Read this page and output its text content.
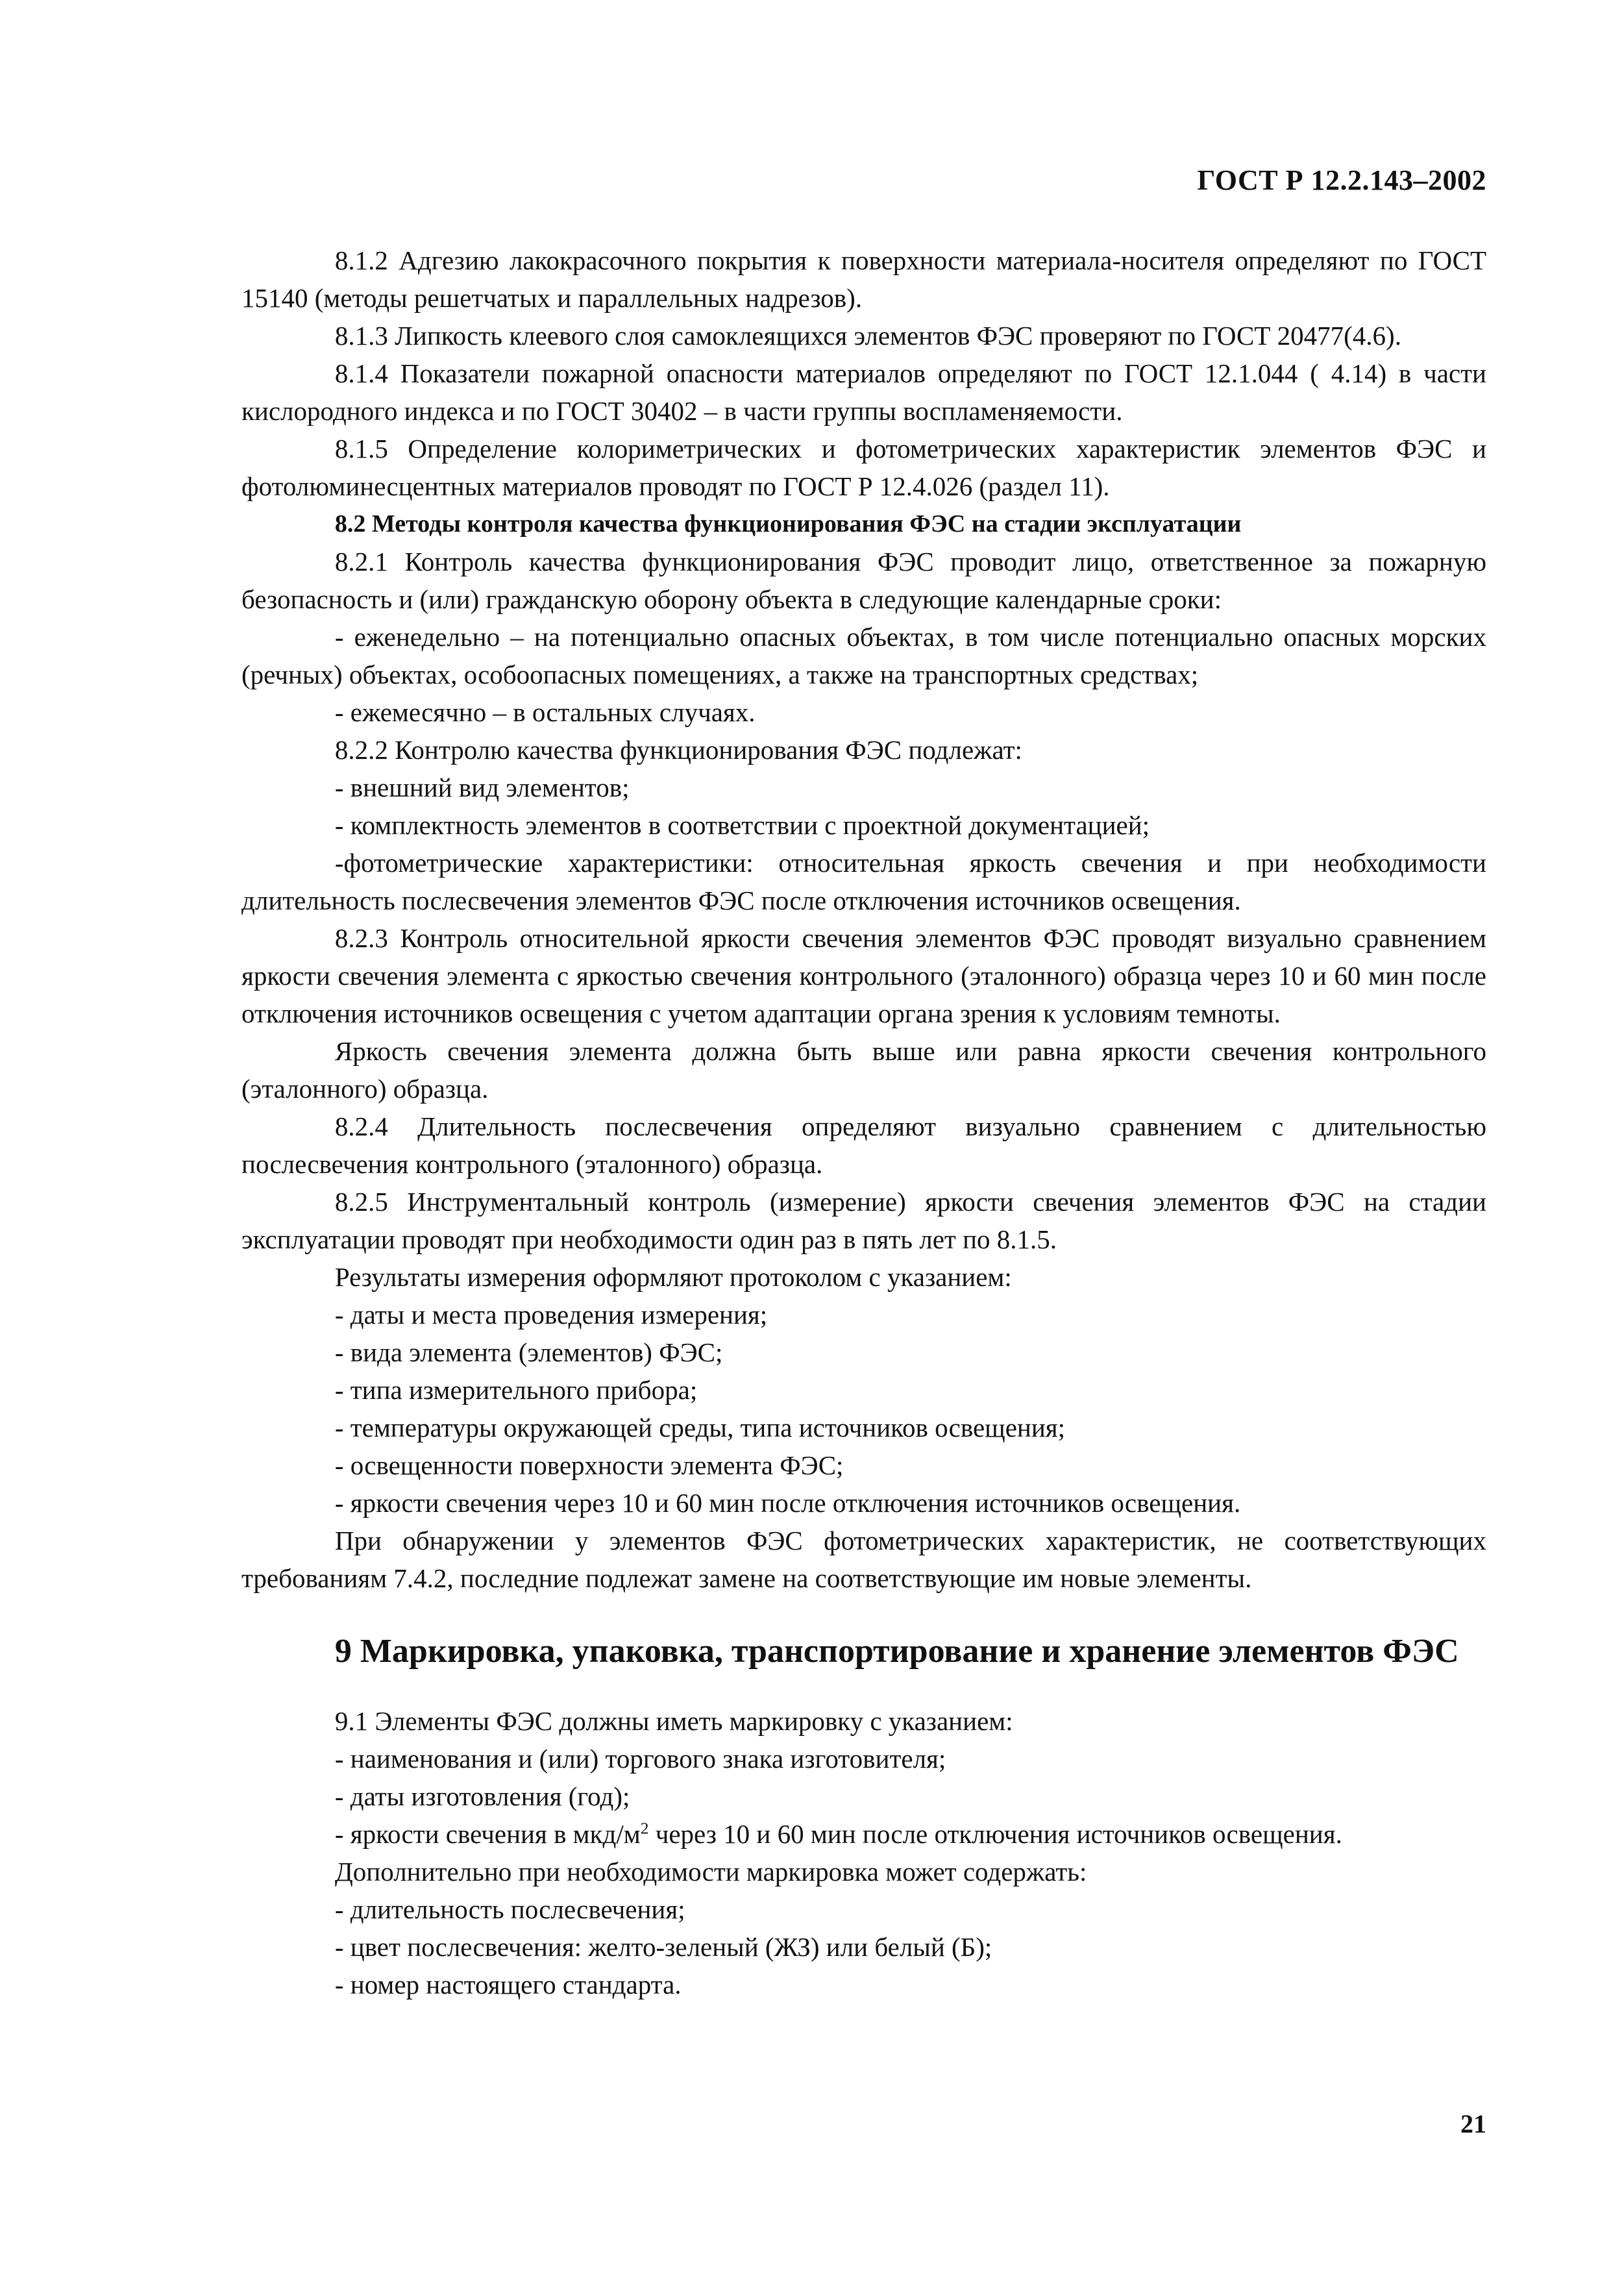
ГОСТ Р 12.2.143–2002

8.1.2 Адгезию лакокрасочного покрытия к поверхности материала-носителя определяют по ГОСТ 15140 (методы решетчатых и параллельных надрезов).

8.1.3 Липкость клеевого слоя самоклеящихся элементов ФЭС проверяют по ГОСТ 20477(4.6).

8.1.4 Показатели пожарной опасности материалов определяют по ГОСТ 12.1.044 ( 4.14) в части кислородного индекса и по ГОСТ 30402 – в части группы воспламеняемости.

8.1.5 Определение колориметрических и фотометрических характеристик элементов ФЭС и фотолюминесцентных материалов проводят по ГОСТ Р 12.4.026 (раздел 11).

8.2 Методы контроля качества функционирования ФЭС на стадии эксплуатации

8.2.1 Контроль качества функционирования ФЭС проводит лицо, ответственное за пожарную безопасность и (или) гражданскую оборону объекта в следующие календарные сроки:

- еженедельно – на потенциально опасных объектах, в том числе потенциально опасных морских (речных) объектах, особоопасных помещениях, а также на транспортных средствах;

- ежемесячно – в остальных случаях.

8.2.2 Контролю качества функционирования ФЭС подлежат:

- внешний вид элементов;

- комплектность элементов в соответствии с проектной документацией;

-фотометрические характеристики: относительная яркость свечения и при необходимости длительность послесвечения элементов ФЭС после отключения источников освещения.

8.2.3 Контроль относительной яркости свечения элементов ФЭС проводят визуально сравнением яркости свечения элемента с яркостью свечения контрольного (эталонного) образца через 10 и 60 мин после отключения источников освещения с учетом адаптации органа зрения к условиям темноты.

Яркость свечения элемента должна быть выше или равна яркости свечения контрольного (эталонного) образца.

8.2.4 Длительность послесвечения определяют визуально сравнением с длительностью послесвечения контрольного (эталонного) образца.

8.2.5 Инструментальный контроль (измерение) яркости свечения элементов ФЭС на стадии эксплуатации проводят при необходимости один раз в пять лет по 8.1.5.

Результаты измерения оформляют протоколом с указанием:

- даты и места проведения измерения;

- вида элемента (элементов) ФЭС;

- типа измерительного прибора;

- температуры окружающей среды, типа источников освещения;

- освещенности поверхности элемента ФЭС;

- яркости свечения через 10 и 60 мин после отключения источников освещения.

При обнаружении у элементов ФЭС фотометрических характеристик, не соответствующих требованиям 7.4.2, последние подлежат замене на соответствующие им новые элементы.

9 Маркировка, упаковка, транспортирование и хранение элементов ФЭС

9.1 Элементы ФЭС должны иметь маркировку с указанием:

- наименования и (или) торгового знака изготовителя;

- даты изготовления (год);

- яркости свечения в мкд/$м^2$ через 10 и 60 мин после отключения источников освещения.

Дополнительно при необходимости маркировка может содержать:

- длительность послесвечения;

- цвет послесвечения: желто-зеленый (ЖЗ) или белый (Б);

- номер настоящего стандарта.

21
